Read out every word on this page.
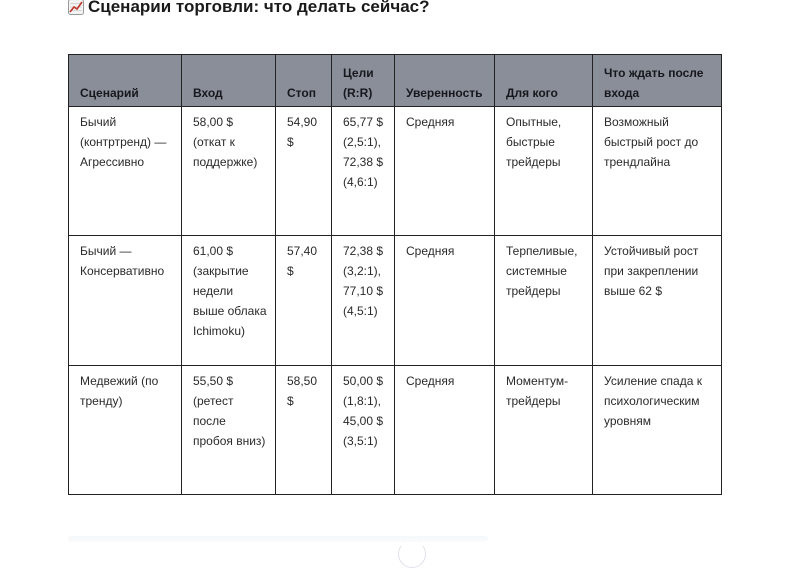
Сценарии торговли: что делать сейчас?
Сценарий	Вход	Стоп	Цели (R:R)	Уверенность	Для кого	Что ждать после входа
Бычий (контртренд) — Агрессивно	58,00 $ (откат к поддержке)	54,90 $	65,77 $ (2,5:1), 72,38 $ (4,6:1)	Средняя	Опытные, быстрые трейдеры	Возможный быстрый рост до трендлайна
Бычий — Консервативно	61,00 $ (закрытие недели выше облака Ichimoku)	57,40 $	72,38 $ (3,2:1), 77,10 $ (4,5:1)	Средняя	Терпеливые, системные трейдеры	Устойчивый рост при закреплении выше 62 $
Медвежий (по тренду)	55,50 $ (ретест после пробоя вниз)	58,50 $	50,00 $ (1,8:1), 45,00 $ (3,5:1)	Средняя	Моментум-трейдеры	Усиление спада к психологическим уровням
